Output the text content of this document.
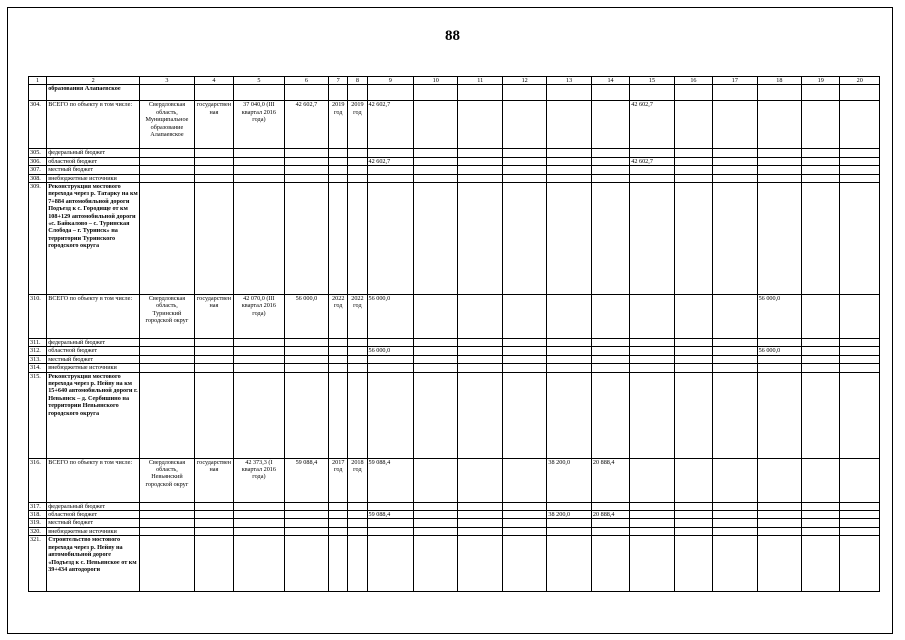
88
1	2	3	4	5	6	7	8	9	10	11	12	13	14	15	16	17	18	19	20
	образования Алапаевское																		
304.	ВСЕГО по объекту в том числе:	Свердловская область, Муниципальное образование Алапаевское	государственная	37 040,0 (III квартал 2016 года)	42 602,7	2019 год	2019 год	42 602,7						42 602,7					
305.	федеральный бюджет																		
306.	областной бюджет							42 602,7						42 602,7					
307.	местный бюджет																		
308.	внебюджетные источники																		
309.	Реконструкция мостового перехода через р. Татарку на км 7+884 автомобильной дороги Подъезд к с. Городище от км 108+129 автомобильной дороги «с. Байкалово – с. Туринская Слобода – г. Туринск» на территории Туринского городского округа																		
310.	ВСЕГО по объекту в том числе:	Свердловская область, Туринский городской округ	государственная	42 070,0 (III квартал 2016 года)	56 000,0	2022 год	2022 год	56 000,0									56 000,0		
311.	федеральный бюджет																		
312.	областной бюджет							56 000,0									56 000,0		
313.	местный бюджет																		
314.	внебюджетные источники																		
315.	Реконструкция мостового перехода через р. Нейву на км 15+640 автомобильной дороги г. Невьянск – д. Сербишино на территории Невьянского городского округа																		
316.	ВСЕГО по объекту в том числе:	Свердловская область, Невьянский городской округ	государственная	42 373,3 (I квартал 2016 года)	59 088,4	2017 год	2018 год	59 088,4				38 200,0	20 888,4						
317.	федеральный бюджет																		
318.	областной бюджет							59 088,4				38 200,0	20 888,4						
319.	местный бюджет																		
320.	внебюджетные источники																		
321.	Строительство мостового перехода через р. Нейву на автомобильной дороге «Подъезд к с. Невьянское от км 39+434 автодороги																		
